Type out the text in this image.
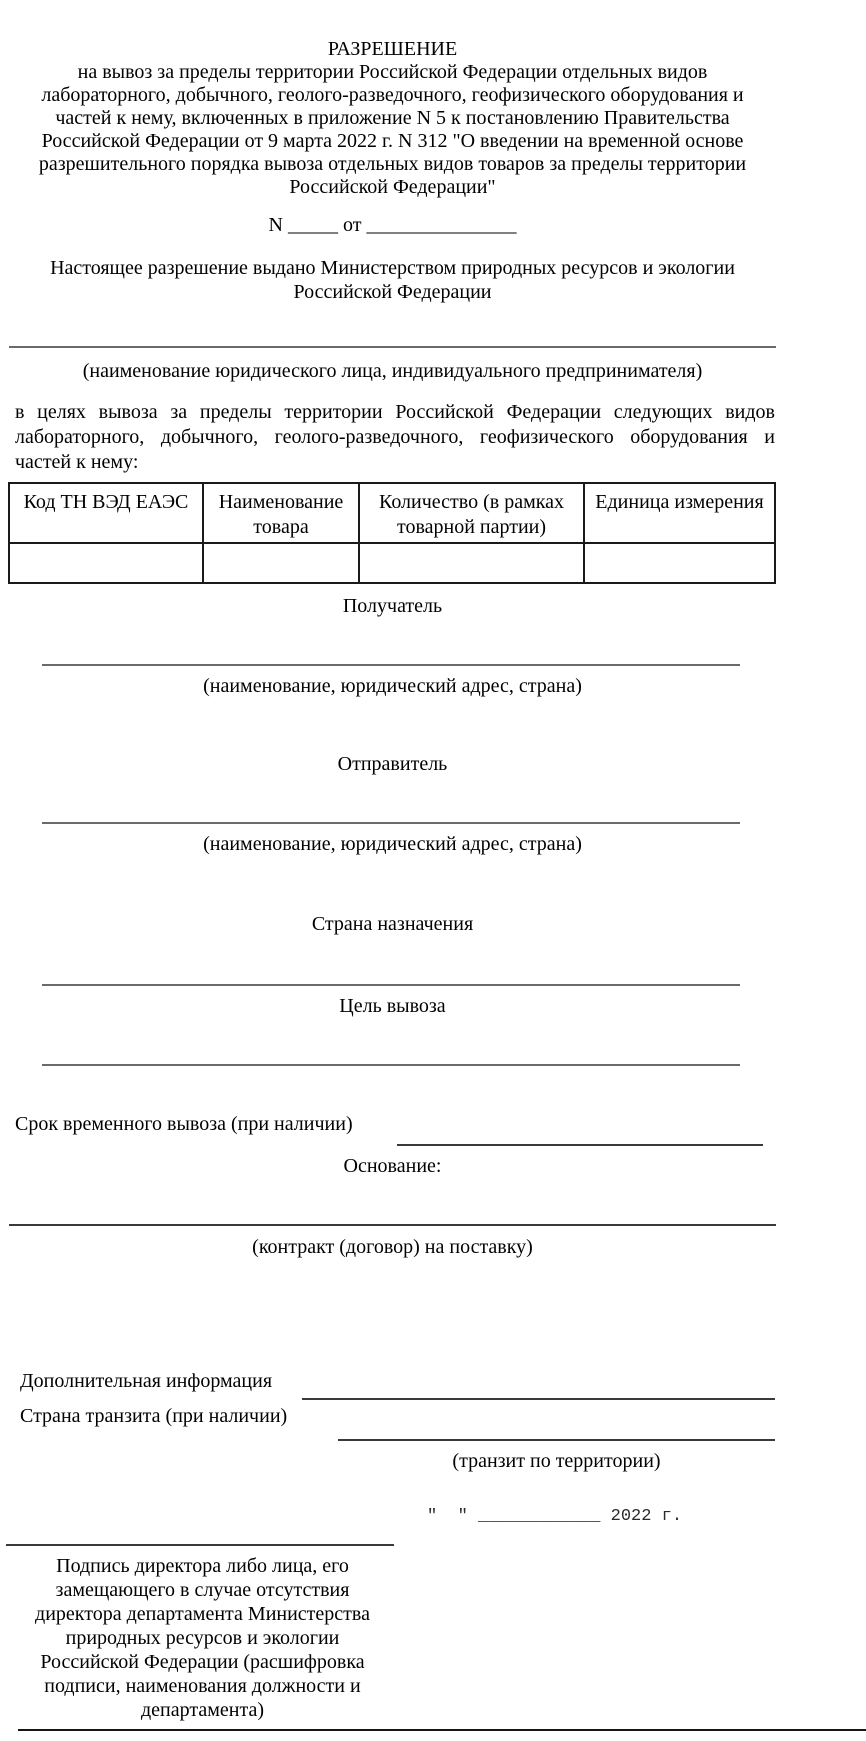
РАЗРЕШЕНИЕ
на вывоз за пределы территории Российской Федерации отдельных видов
лабораторного, добычного, геолого-разведочного, геофизического оборудования и
частей к нему, включенных в приложение N 5 к постановлению Правительства
Российской Федерации от 9 марта 2022 г. N 312 "О введении на временной основе
разрешительного порядка вывоза отдельных видов товаров за пределы территории
Российской Федерации"
N _____ от _______________
Настоящее разрешение выдано Министерством природных ресурсов и экологии
Российской Федерации
(наименование юридического лица, индивидуального предпринимателя)
в целях вывоза за пределы территории Российской Федерации следующих видов
лабораторного, добычного, геолого-разведочного, геофизического оборудования и
частей к нему:
Код ТН ВЭД ЕАЭС	Наименование товара	Количество (в рамках товарной партии)	Единица измерения

Получатель
(наименование, юридический адрес, страна)
Отправитель
(наименование, юридический адрес, страна)
Страна назначения
Цель вывоза
Срок временного вывоза (при наличии)
Основание:
(контракт (договор) на поставку)
Дополнительная информация
Страна транзита (при наличии)
(транзит по территории)
"  " ____________ 2022 г.
Подпись директора либо лица, его
замещающего в случае отсутствия
директора департамента Министерства
природных ресурсов и экологии
Российской Федерации (расшифровка
подписи, наименования должности и
департамента)
